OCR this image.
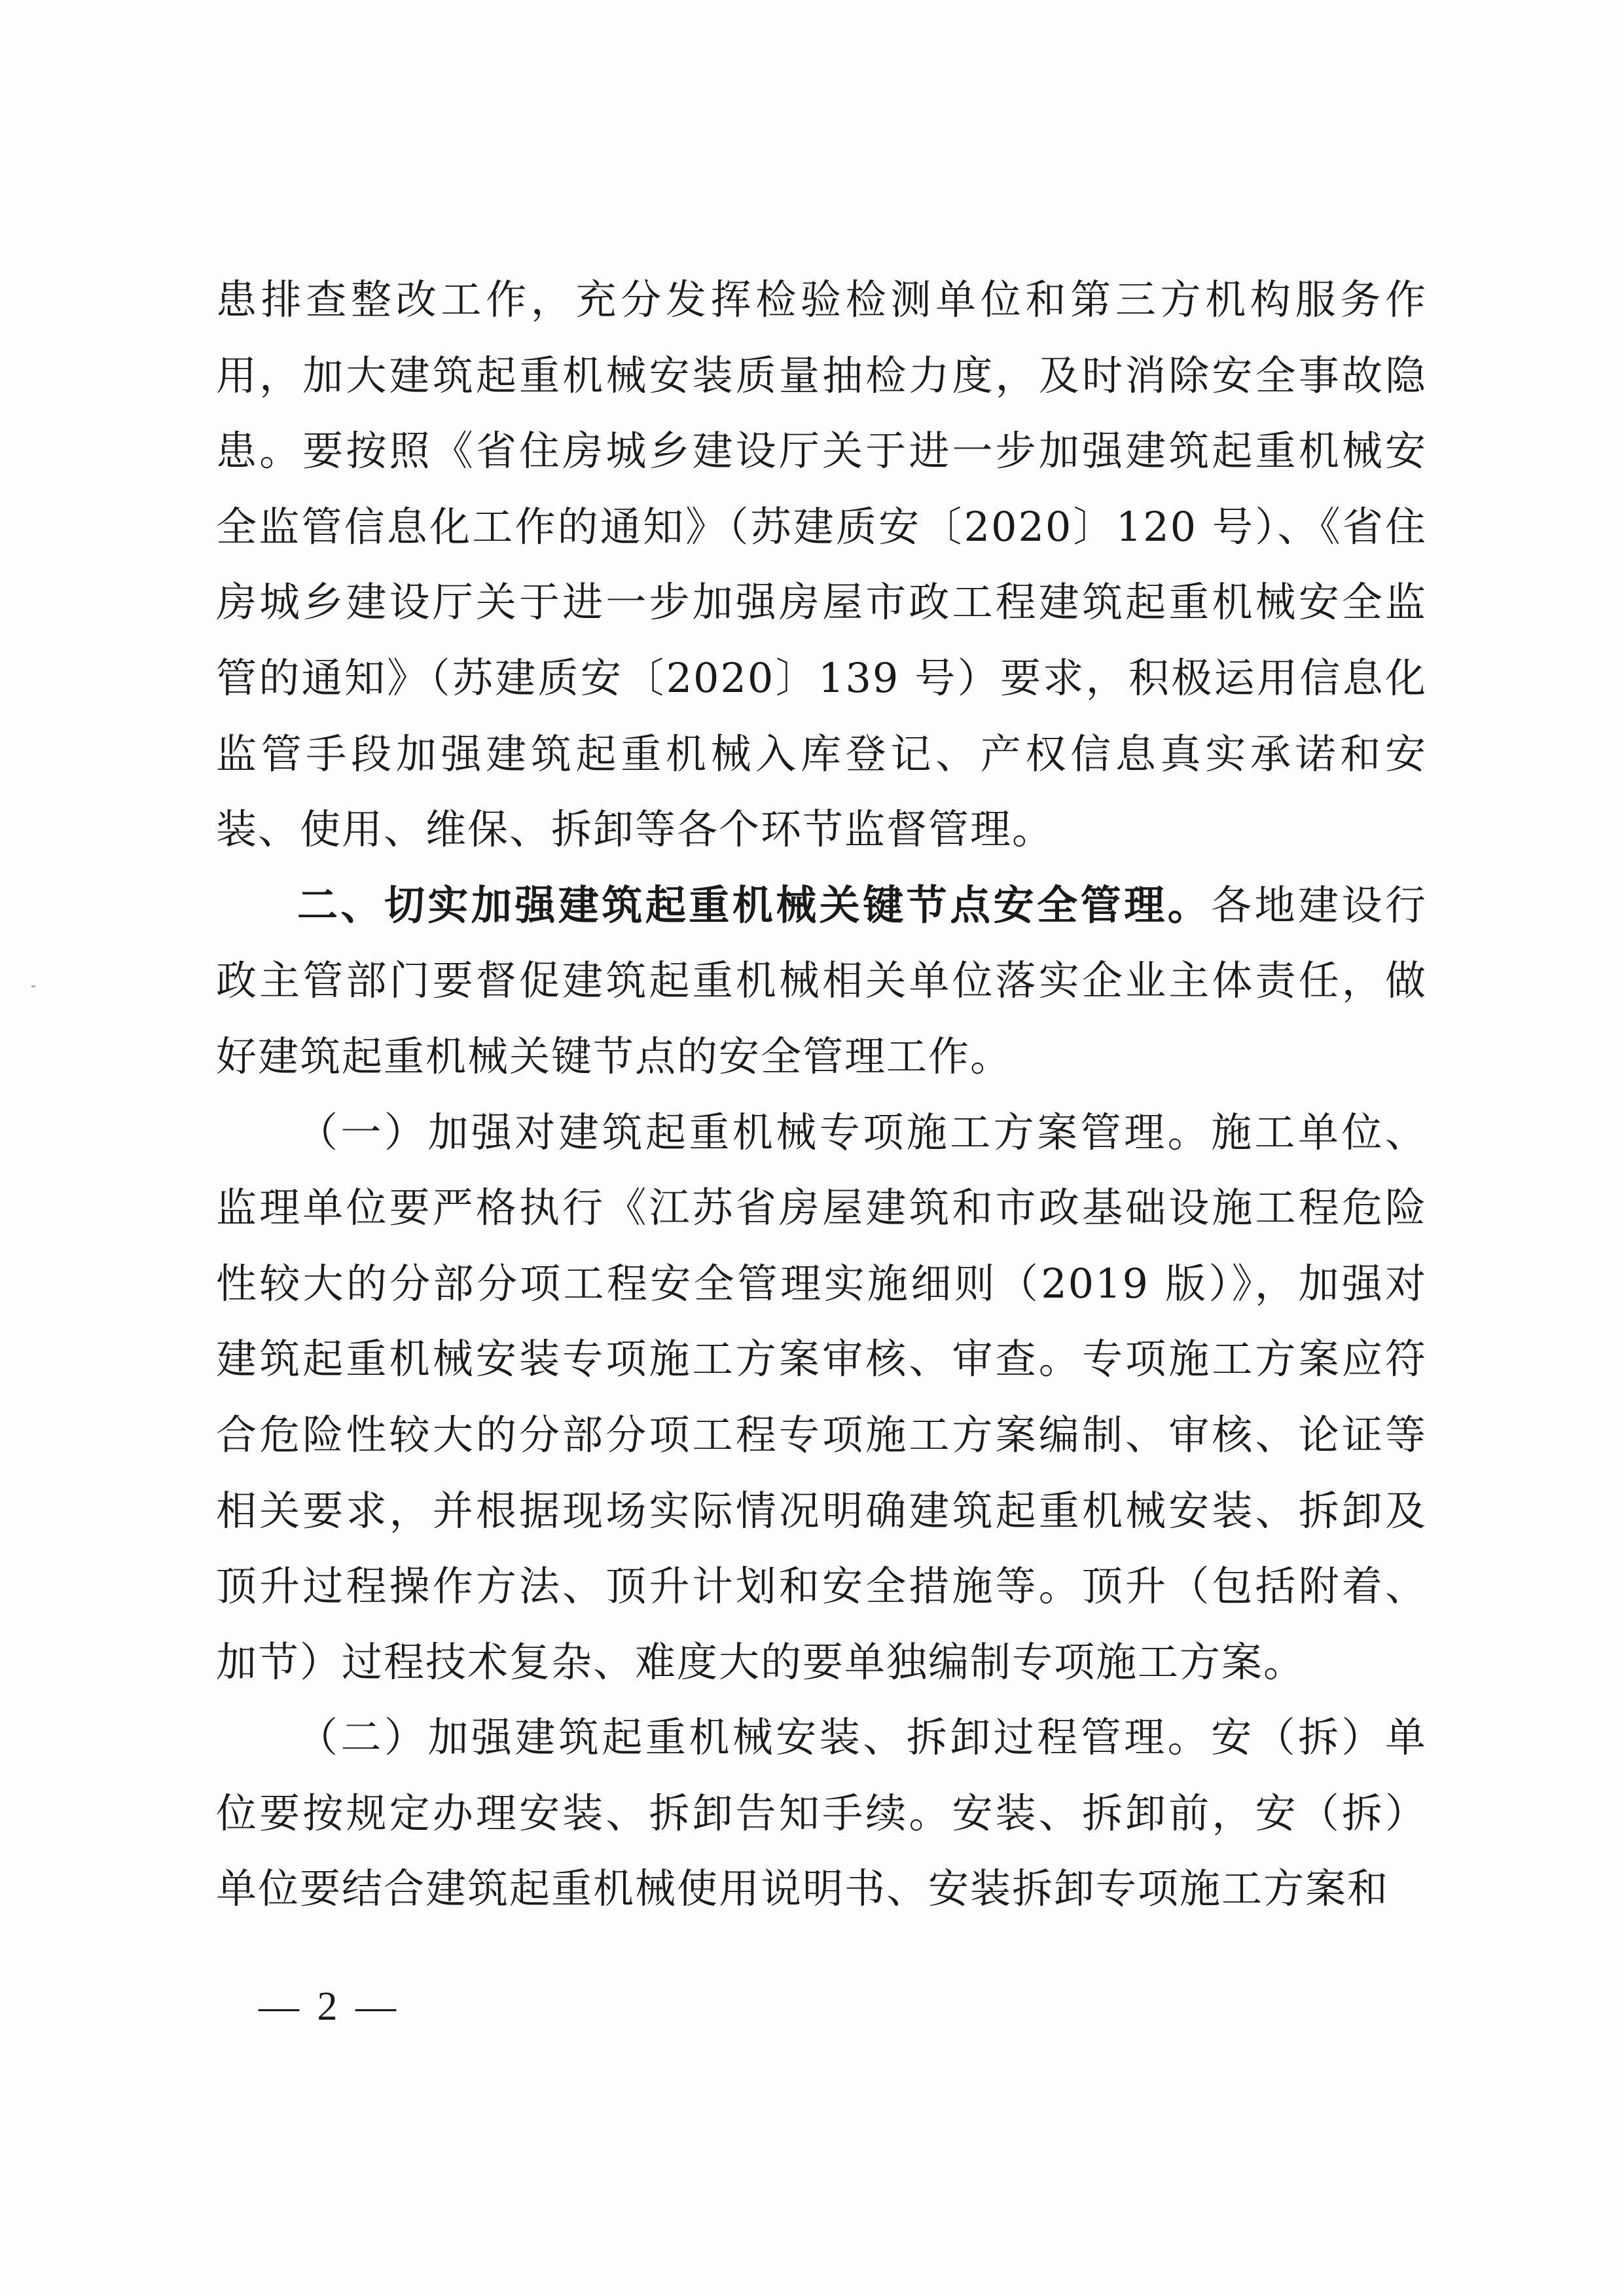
患排查整改工作，充分发挥检验检测单位和第三方机构服务作用，加大建筑起重机械安装质量抽检力度，及时消除安全事故隐患。要按照《省住房城乡建设厅关于进一步加强建筑起重机械安全监管信息化工作的通知》（苏建质安〔2020〕120 号）、《省住房城乡建设厅关于进一步加强房屋市政工程建筑起重机械安全监管的通知》（苏建质安〔2020〕139 号）要求，积极运用信息化监管手段加强建筑起重机械入库登记、产权信息真实承诺和安装、使用、维保、拆卸等各个环节监督管理。

二、切实加强建筑起重机械关键节点安全管理。各地建设行政主管部门要督促建筑起重机械相关单位落实企业主体责任，做好建筑起重机械关键节点的安全管理工作。

（一）加强对建筑起重机械专项施工方案管理。施工单位、监理单位要严格执行《江苏省房屋建筑和市政基础设施工程危险性较大的分部分项工程安全管理实施细则（2019 版）》，加强对建筑起重机械安装专项施工方案审核、审查。专项施工方案应符合危险性较大的分部分项工程专项施工方案编制、审核、论证等相关要求，并根据现场实际情况明确建筑起重机械安装、拆卸及顶升过程操作方法、顶升计划和安全措施等。顶升（包括附着、加节）过程技术复杂、难度大的要单独编制专项施工方案。

（二）加强建筑起重机械安装、拆卸过程管理。安（拆）单位要按规定办理安装、拆卸告知手续。安装、拆卸前，安（拆）单位要结合建筑起重机械使用说明书、安装拆卸专项施工方案和

— 2 —
